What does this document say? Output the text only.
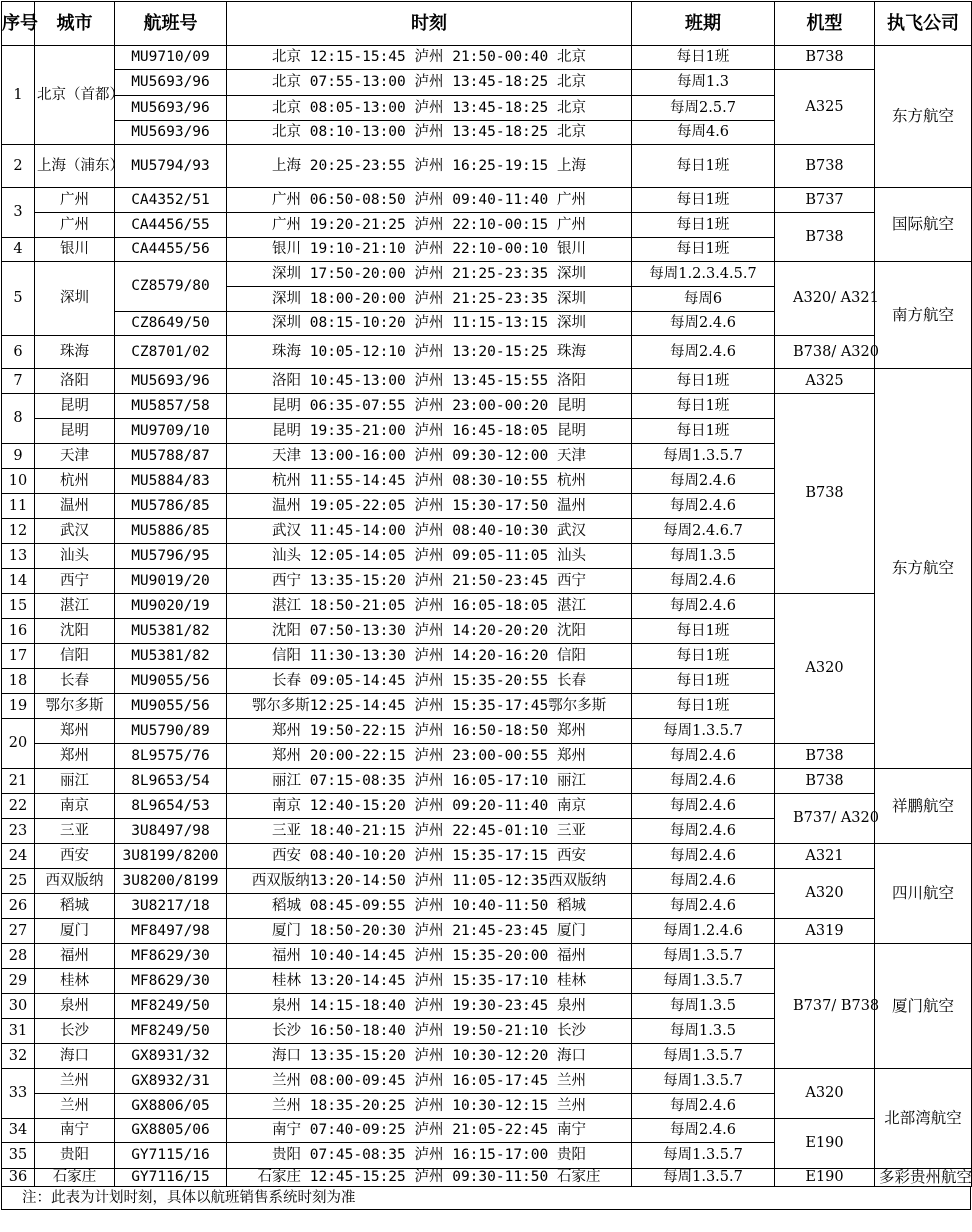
序号	城市	航班号	时刻	班期	机型	执飞公司
1	北京（首都）	MU9710/09	北京 12:15-15:45 泸州 21:50-00:40 北京	每日1班	B738	东方航空
		MU5693/96	北京 07:55-13:00 泸州 13:45-18:25 北京	每周1.3	A325	
		MU5693/96	北京 08:05-13:00 泸州 13:45-18:25 北京	每周2.5.7		
		MU5693/96	北京 08:10-13:00 泸州 13:45-18:25 北京	每周4.6		
2	上海（浦东）	MU5794/93	上海 20:25-23:55 泸州 16:25-19:15 上海	每日1班	B738	
3	广州	CA4352/51	广州 06:50-08:50 泸州 09:40-11:40 广州	每日1班	B737	国际航空
	广州	CA4456/55	广州 19:20-21:25 泸州 22:10-00:15 广州	每日1班	B738	
4	银川	CA4455/56	银川 19:10-21:10 泸州 22:10-00:10 银川	每日1班		
5	深圳	CZ8579/80	深圳 17:50-20:00 泸州 21:25-23:35 深圳	每周1.2.3.4.5.7	A320/ A321	南方航空
			深圳 18:00-20:00 泸州 21:25-23:35 深圳	每周6		
		CZ8649/50	深圳 08:15-10:20 泸州 11:15-13:15 深圳	每周2.4.6		
6	珠海	CZ8701/02	珠海 10:05-12:10 泸州 13:20-15:25 珠海	每周2.4.6	B738/ A320	
7	洛阳	MU5693/96	洛阳 10:45-13:00 泸州 13:45-15:55 洛阳	每日1班	A325	东方航空
8	昆明	MU5857/58	昆明 06:35-07:55 泸州 23:00-00:20 昆明	每日1班	B738	
	昆明	MU9709/10	昆明 19:35-21:00 泸州 16:45-18:05 昆明	每日1班		
9	天津	MU5788/87	天津 13:00-16:00 泸州 09:30-12:00 天津	每周1.3.5.7		
10	杭州	MU5884/83	杭州 11:55-14:45 泸州 08:30-10:55 杭州	每周2.4.6		
11	温州	MU5786/85	温州 19:05-22:05 泸州 15:30-17:50 温州	每周2.4.6		
12	武汉	MU5886/85	武汉 11:45-14:00 泸州 08:40-10:30 武汉	每周2.4.6.7		
13	汕头	MU5796/95	汕头 12:05-14:05 泸州 09:05-11:05 汕头	每周1.3.5		
14	西宁	MU9019/20	西宁 13:35-15:20 泸州 21:50-23:45 西宁	每周2.4.6		
15	湛江	MU9020/19	湛江 18:50-21:05 泸州 16:05-18:05 湛江	每周2.4.6	A320	
16	沈阳	MU5381/82	沈阳 07:50-13:30 泸州 14:20-20:20 沈阳	每日1班		
17	信阳	MU5381/82	信阳 11:30-13:30 泸州 14:20-16:20 信阳	每日1班		
18	长春	MU9055/56	长春 09:05-14:45 泸州 15:35-20:55 长春	每日1班		
19	鄂尔多斯	MU9055/56	鄂尔多斯12:25-14:45 泸州 15:35-17:45鄂尔多斯	每日1班		
20	郑州	MU5790/89	郑州 19:50-22:15 泸州 16:50-18:50 郑州	每周1.3.5.7		
	郑州	8L9575/76	郑州 20:00-22:15 泸州 23:00-00:55 郑州	每周2.4.6	B738	
21	丽江	8L9653/54	丽江 07:15-08:35 泸州 16:05-17:10 丽江	每周2.4.6	B738	祥鹏航空
22	南京	8L9654/53	南京 12:40-15:20 泸州 09:20-11:40 南京	每周2.4.6	B737/ A320	
23	三亚	3U8497/98	三亚 18:40-21:15 泸州 22:45-01:10 三亚	每周2.4.6		
24	西安	3U8199/8200	西安 08:40-10:20 泸州 15:35-17:15 西安	每周2.4.6	A321	四川航空
25	西双版纳	3U8200/8199	西双版纳13:20-14:50 泸州 11:05-12:35西双版纳	每周2.4.6	A320	
26	稻城	3U8217/18	稻城 08:45-09:55 泸州 10:40-11:50 稻城	每周2.4.6		
27	厦门	MF8497/98	厦门 18:50-20:30 泸州 21:45-23:45 厦门	每周1.2.4.6	A319	
28	福州	MF8629/30	福州 10:40-14:45 泸州 15:35-20:00 福州	每周1.3.5.7	B737/ B738	厦门航空
29	桂林	MF8629/30	桂林 13:20-14:45 泸州 15:35-17:10 桂林	每周1.3.5.7		
30	泉州	MF8249/50	泉州 14:15-18:40 泸州 19:30-23:45 泉州	每周1.3.5		
31	长沙	MF8249/50	长沙 16:50-18:40 泸州 19:50-21:10 长沙	每周1.3.5		
32	海口	GX8931/32	海口 13:35-15:20 泸州 10:30-12:20 海口	每周1.3.5.7		
33	兰州	GX8932/31	兰州 08:00-09:45 泸州 16:05-17:45 兰州	每周1.3.5.7	A320	北部湾航空
	兰州	GX8806/05	兰州 18:35-20:25 泸州 10:30-12:15 兰州	每周2.4.6		
34	南宁	GX8805/06	南宁 07:40-09:25 泸州 21:05-22:45 南宁	每周2.4.6	E190	
35	贵阳	GY7115/16	贵阳 07:45-08:35 泸州 16:15-17:00 贵阳	每周1.3.5.7		
36	石家庄	GY7116/15	石家庄 12:45-15:25 泸州 09:30-11:50 石家庄	每周1.3.5.7	E190	多彩贵州航空
注：此表为计划时刻，具体以航班销售系统时刻为准
